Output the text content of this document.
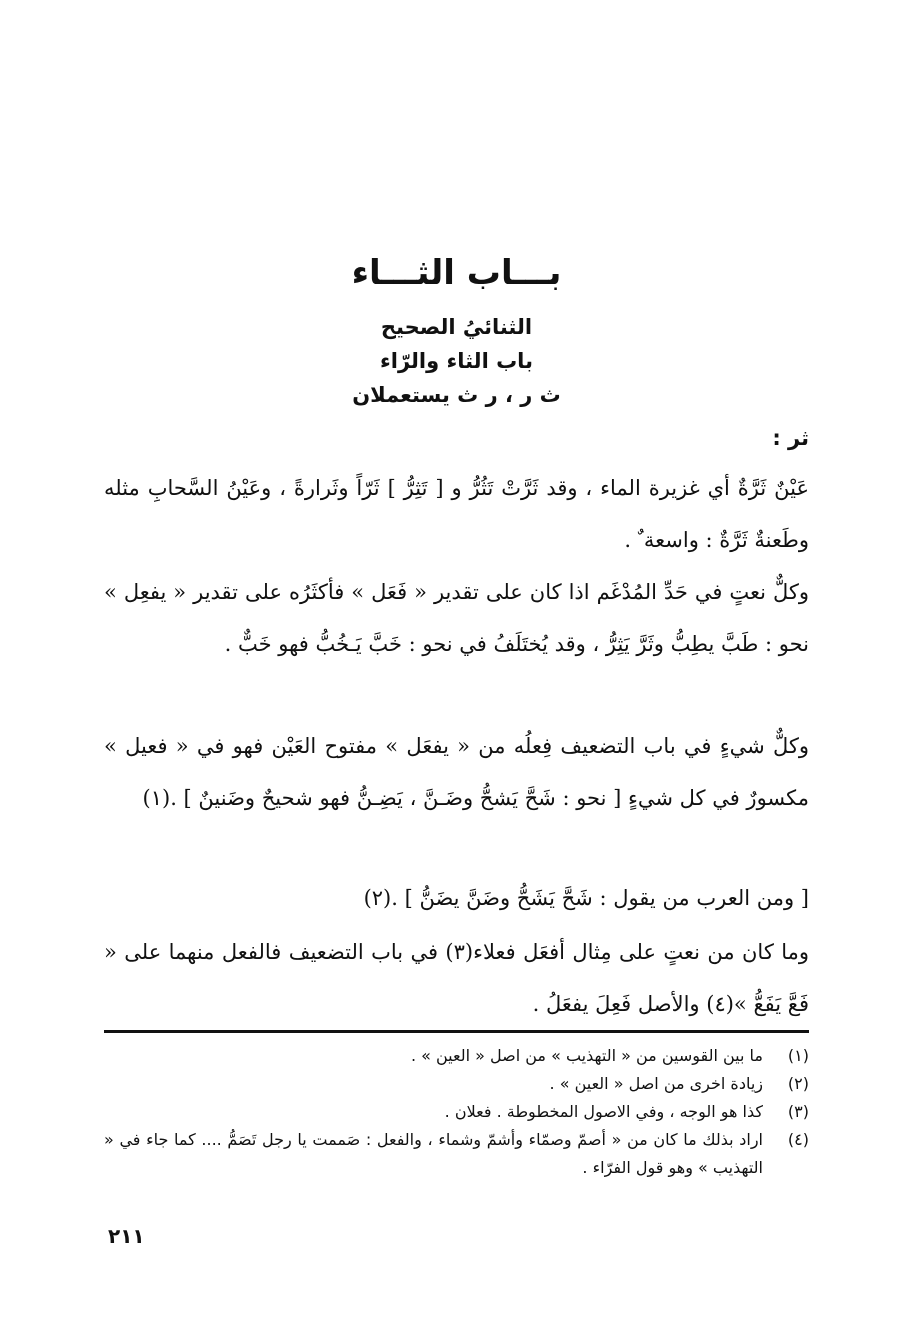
بـــاب الثـــاء
الثنائيُ الصحيح
باب الثاء والرّاء
ث ر ، ر ث يستعملان
ثر :
عَيْنٌ ثَرَّةٌ أي غزيرة الماء ، وقد ثَرَّتْ تَثُرُّ و [ تَثِرُّ ] ثَرّاً وثَرارةً ، وعَيْنُ السَّحابِ مثله وطَعنةٌ ثَرَّةٌ : واسعة ٌ .
وكلٌّ نعتٍ في حَدِّ المُدْغَم اذا كان على تقدير « فَعَل » فأكثَرُه على تقدير « يفعِل » نحو : طَبَّ يطِبُّ وثَرَّ يَثِرُّ ، وقد يُختَلَفُ في نحو : خَبَّ يَـخُبُّ فهو خَبٌّ .
وكلٌّ شيءٍ في باب التضعيف فِعلُه من « يفعَل » مفتوح العَيْن فهو في « فعيل » مكسورٌ في كل شيءٍ [ نحو : شَحَّ يَشحُّ وضَـنَّ ، يَضِـنُّ فهو شحيحٌ وضَنينٌ ] .(١)
[ ومن العرب من يقول : شَحَّ يَشَحُّ وضَنَّ يضَنُّ ] .(٢)
وما كان من نعتٍ على مِثال أفعَل فعلاء(٣) في باب التضعيف فالفعل منهما على « فَعَّ يَفَعُّ »(٤) والأصل فَعِلَ يفعَلُ .
(١)
ما بين القوسين من « التهذيب » من اصل « العين » .
(٢)
زيادة اخرى من اصل « العين » .
(٣)
كذا هو الوجه ، وفي الاصول المخطوطة . فعلان .
(٤)
اراد بذلك ما كان من « أصمّ وصمّاء وأشمّ وشماء ، والفعل : صَممت يا رجل تَصَمُّ .... كما جاء في « التهذيب » وهو قول الفرّاء .
٢١١
